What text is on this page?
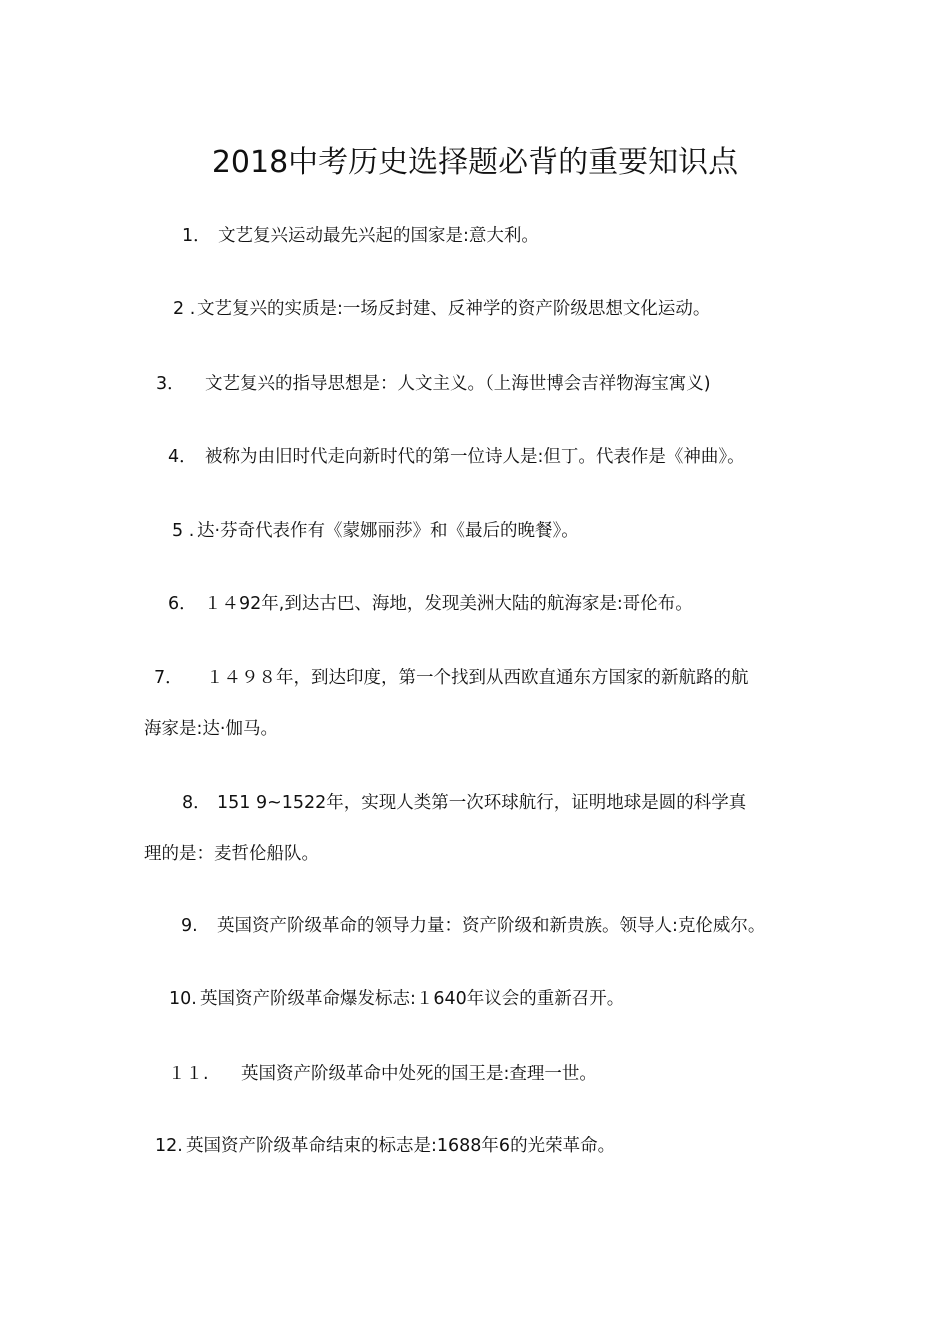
2018中考历史选择题必背的重要知识点
1． 文艺复兴运动最先兴起的国家是:意大利。
2 .文艺复兴的实质是:一场反封建、反神学的资产阶级思想文化运动。
3． 文艺复兴的指导思想是：人文主义。（上海世博会吉祥物海宝寓义)
4． 被称为由旧时代走向新时代的第一位诗人是:但丁。代表作是《神曲》。
5 . 达·芬奇代表作有《蒙娜丽莎》和《最后的晚餐》。
6． １４92年,到达古巴、海地，发现美洲大陆的航海家是:哥伦布。
7． １４９８年，到达印度，第一个找到从西欧直通东方国家的新航路的航
海家是:达·伽马。
8． 151 9~1522年，实现人类第一次环球航行，证明地球是圆的科学真
理的是：麦哲伦船队。
9. 英国资产阶级革命的领导力量：资产阶级和新贵族。领导人:克伦威尔。
10. 英国资产阶级革命爆发标志:１640年议会的重新召开。
１１. 英国资产阶级革命中处死的国王是:查理一世。
12. 英国资产阶级革命结束的标志是:1688年6的光荣革命。
